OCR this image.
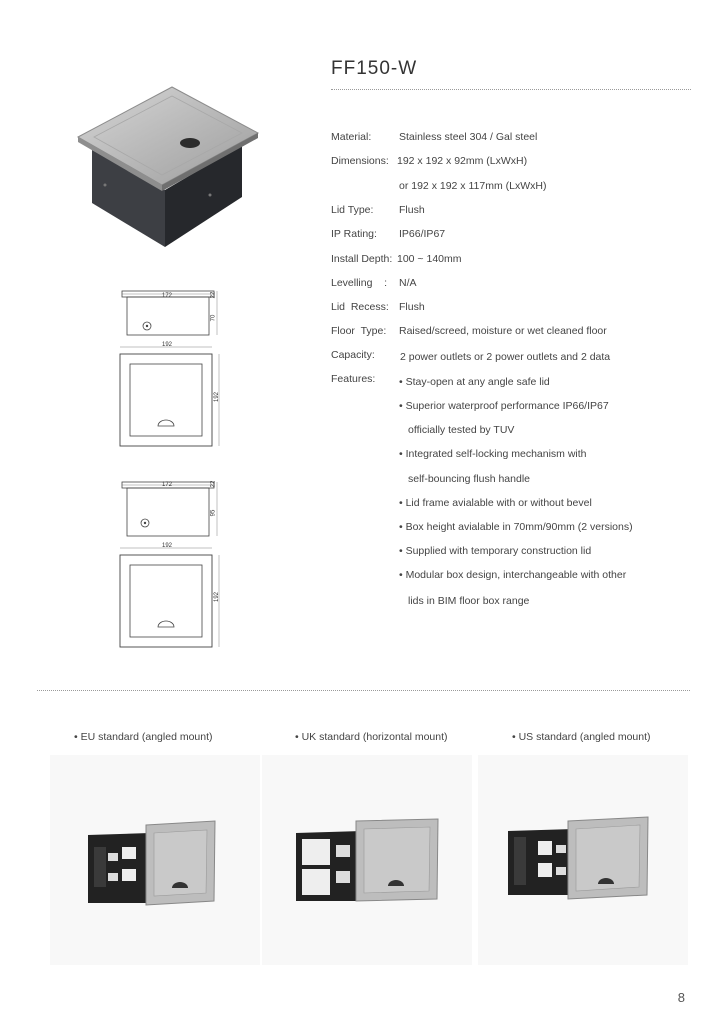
FF150-W
172	22
70
192
192
172	22
95
192
192
Material:	Stainless steel 304 / Gal steel
Dimensions: 192 x 192 x 92mm (LxWxH)
or 192 x 192 x 117mm (LxWxH)
Lid Type: Flush
IP Rating: IP66/IP67
Install Depth: 100 ~ 140mm
Levelling    : N/A
Lid  Recess: Flush
Floor  Type: Raised/screed, moisture or wet cleaned floor
Capacity: 2 power outlets or 2 power outlets and 2 data
Features: • Stay-open at any angle safe lid
• Superior waterproof performance IP66/IP67
officially tested by TUV
• Integrated self-locking mechanism with
self-bouncing flush handle
• Lid frame avialable with or without bevel
• Box height avialable in 70mm/90mm (2 versions)
• Supplied with temporary construction lid
• Modular box design, interchangeable with other
lids in BIM floor box range
• EU standard (angled mount)	• UK standard (horizontal mount)	• US standard (angled mount)
8
